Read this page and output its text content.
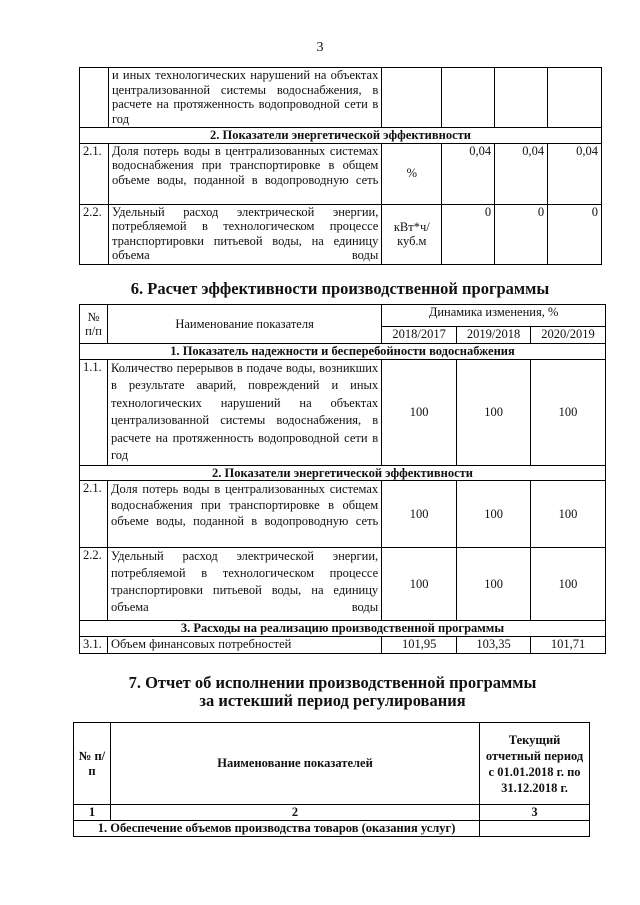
3
	и иных технологических нарушений на объектах централизованной системы водоснабжения, в расчете на протяженность водопроводной сети в год				
2. Показатели энергетической эффективности					
2.1.	Доля потерь воды в централизованных системах водоснабжения при транспортировке в общем объеме воды, поданной в водопроводную сеть	%	0,04	0,04	0,04
2.2.	Удельный расход электрической энергии, потребляемой в технологическом процессе транспортировки питьевой воды, на единицу объема воды	кВт*ч/куб.м	0	0	0
6. Расчет эффективности производственной программы
№ п/п	Наименование показателя	Динамика изменения, %		
		2018/2017	2019/2018	2020/2019
1. Показатель надежности и бесперебойности водоснабжения				
1.1.	Количество перерывов в подаче воды, возникших в результате аварий, повреждений и иных технологических нарушений на объектах централизованной системы водоснабжения, в расчете на протяженность водопроводной сети в год	100	100	100
2. Показатели энергетической эффективности				
2.1.	Доля потерь воды в централизованных системах водоснабжения при транспортировке в общем объеме воды, поданной в водопроводную сеть	100	100	100
2.2.	Удельный расход электрической энергии, потребляемой в технологическом процессе транспортировки питьевой воды, на единицу объема воды	100	100	100
3. Расходы на реализацию производственной программы				
3.1.	Объем финансовых потребностей	101,95	103,35	101,71
7. Отчет об исполнении производственной программы
за истекший период регулирования
№ п/п	Наименование показателей	Текущий отчетный период с 01.01.2018 г. по 31.12.2018 г.
1	2	3
1. Обеспечение объемов производства товаров (оказания услуг)		
